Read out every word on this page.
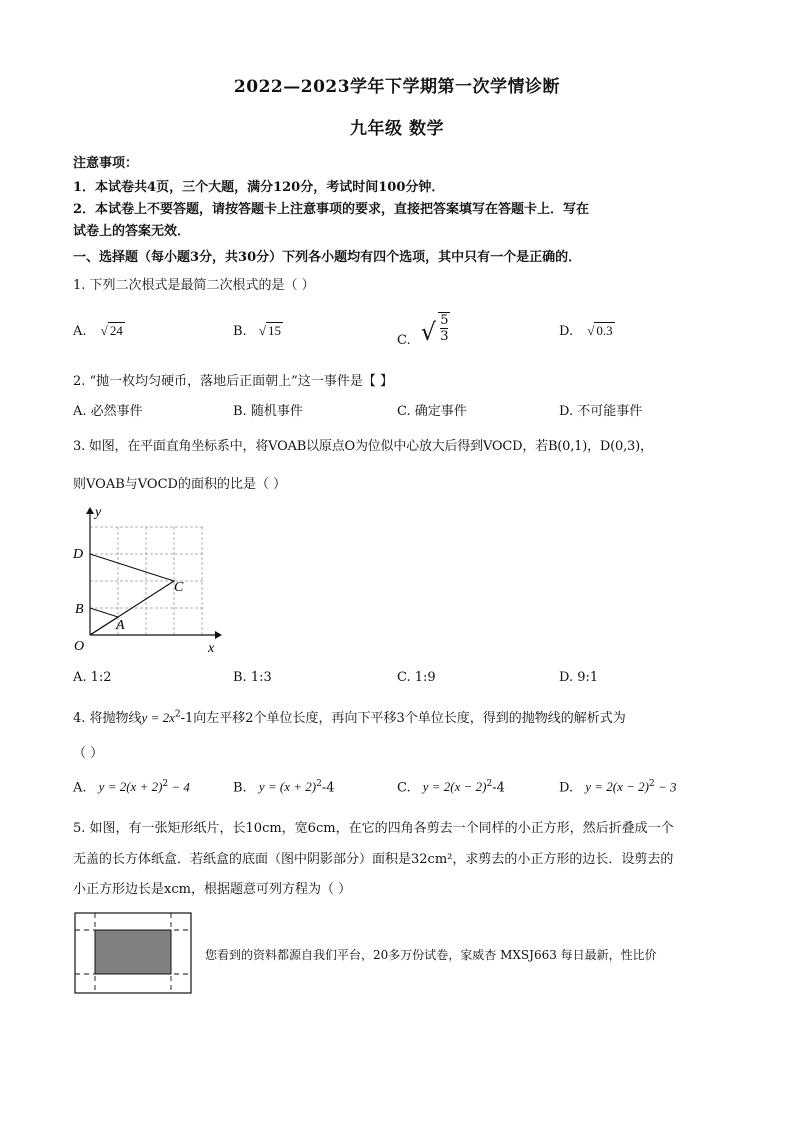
2022—2023学年下学期第一次学情诊断
九年级 数学
注意事项：
1．本试卷共4页，三个大题，满分120分，考试时间100分钟．
2．本试卷上不要答题，请按答题卡上注意事项的要求，直接把答案填写在答题卡上．写在
试卷上的答案无效．
一、选择题（每小题3分，共30分）下列各小题均有四个选项，其中只有一个是正确的．
1. 下列二次根式是最简二次根式的是（ ）
A. √ 24	B. √ 15
C. √ $\frac{5}{3}$	D. √ 0.3
2. “抛一枚均匀硬币，落地后正面朝上”这一事件是【 】
A. 必然事件	B. 随机事件	C. 确定事件	D. 不可能事件
3. 如图，在平面直角坐标系中，将VOAB以原点O为位似中心放大后得到VOCD，若B(0,1)，D(0,3)，
则VOAB与VOCD的面积的比是（ ）
y
x
D
C
B
A
O
A. 1:2	B. 1:3	C. 1:9	D. 9:1
4. 将抛物线$y = 2x^2-1$向左平移2个单位长度，再向下平移3个单位长度，得到的抛物线的解析式为
（ ）
A. $y = 2(x + 2)^2 - 4$	B. $y = (x + 2)^2-4$	C. $y = 2(x - 2)^2-4$	D. $y = 2(x - 2)^2 - 3$
5. 如图，有一张矩形纸片，长10cm，宽6cm，在它的四角各剪去一个同样的小正方形，然后折叠成一个
无盖的长方体纸盒．若纸盒的底面（图中阴影部分）面积是32cm²，求剪去的小正方形的边长．设剪去的
小正方形边长是xcm，根据题意可列方程为（ ）
您看到的资料都源自我们平台，20多万份试卷，家威杏 MXSJ663 每日最新，性比价
